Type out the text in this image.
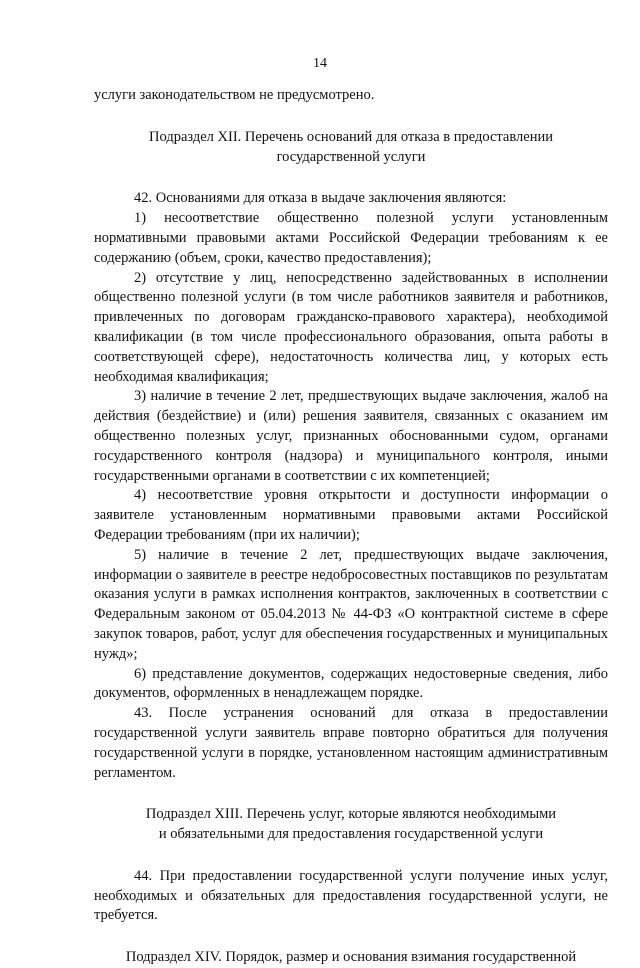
14

услуги законодательством не предусмотрено.

Подраздел XII. Перечень оснований для отказа в предоставлении

государственной услуги

42. Основаниями для отказа в выдаче заключения являются:

1) несоответствие общественно полезной услуги установленным нормативными правовыми актами Российской Федерации требованиям к ее содержанию (объем, сроки, качество предоставления);

2) отсутствие у лиц, непосредственно задействованных в исполнении общественно полезной услуги (в том числе работников заявителя и работников, привлеченных по договорам гражданско-правового характера), необходимой квалификации (в том числе профессионального образования, опыта работы в соответствующей сфере), недостаточность количества лиц, у которых есть необходимая квалификация;

3) наличие в течение 2 лет, предшествующих выдаче заключения, жалоб на действия (бездействие) и (или) решения заявителя, связанных с оказанием им общественно полезных услуг, признанных обоснованными судом, органами государственного контроля (надзора) и муниципального контроля, иными государственными органами в соответствии с их компетенцией;

4) несоответствие уровня открытости и доступности информации о заявителе установленным нормативными правовыми актами Российской Федерации требованиям (при их наличии);

5) наличие в течение 2 лет, предшествующих выдаче заключения, информации о заявителе в реестре недобросовестных поставщиков по результатам оказания услуги в рамках исполнения контрактов, заключенных в соответствии с Федеральным законом от 05.04.2013 № 44-ФЗ «О контрактной системе в сфере закупок товаров, работ, услуг для обеспечения государственных и муниципальных нужд»;

6) представление документов, содержащих недостоверные сведения, либо документов, оформленных в ненадлежащем порядке.

43. После устранения оснований для отказа в предоставлении государственной услуги заявитель вправе повторно обратиться для получения государственной услуги в порядке, установленном настоящим административным регламентом.

Подраздел XIII. Перечень услуг, которые являются необходимыми

и обязательными для предоставления государственной услуги

44. При предоставлении государственной услуги получение иных услуг, необходимых и обязательных для предоставления государственной услуги, не требуется.

Подраздел XIV. Порядок, размер и основания взимания государственной
